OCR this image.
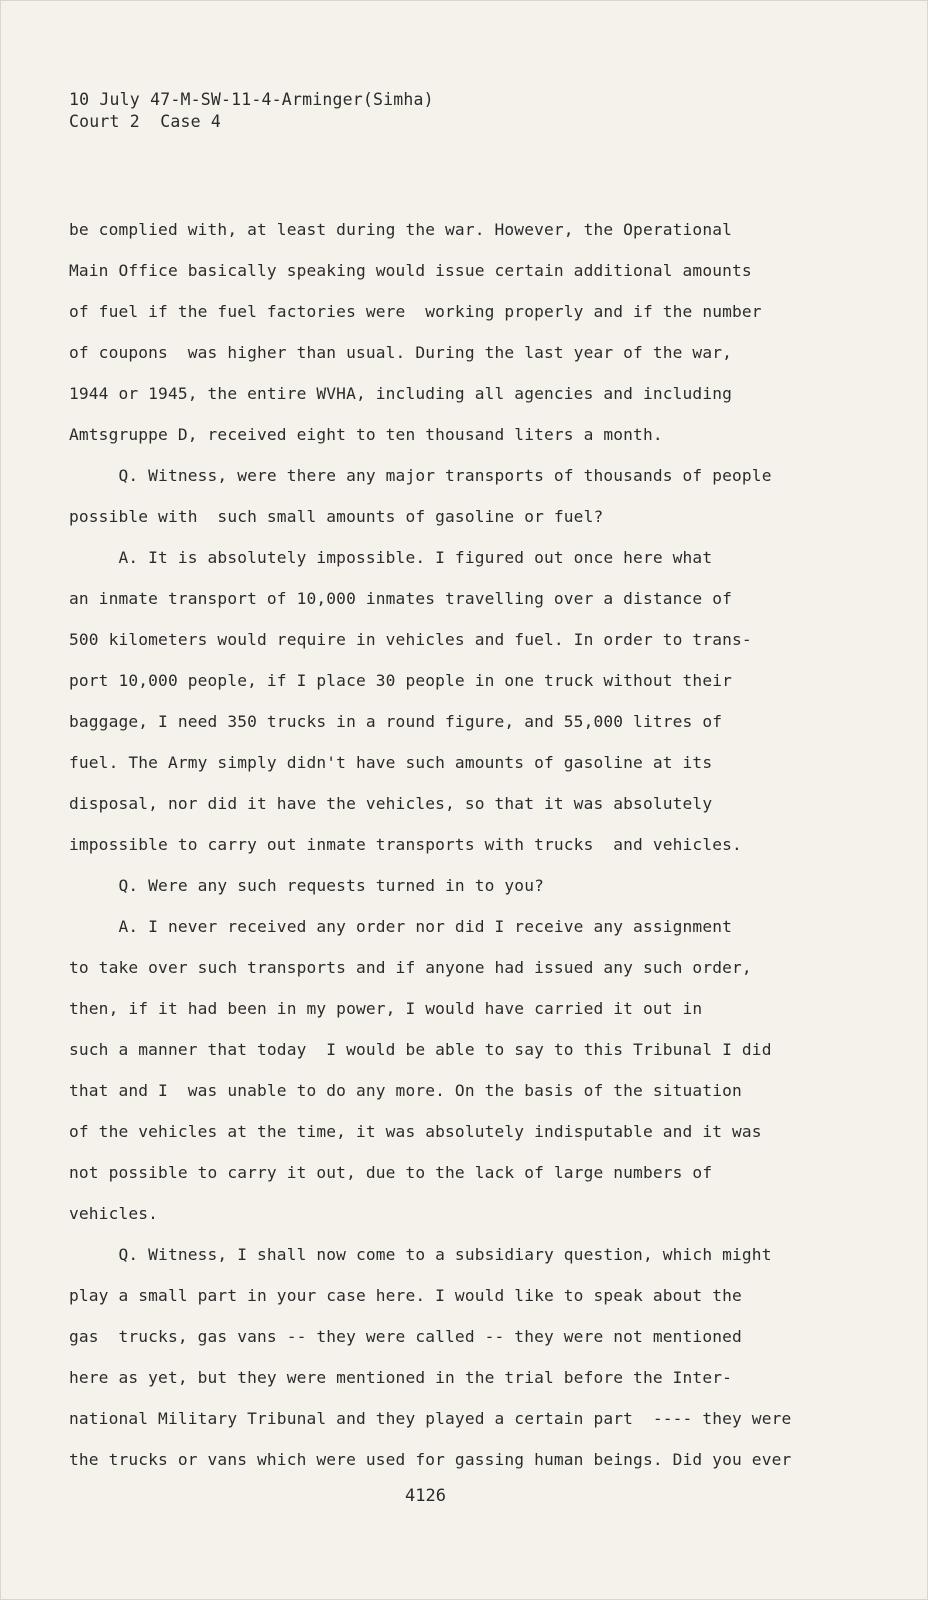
10 July 47-M-SW-11-4-Arminger(Simha)
Court 2  Case 4
be complied with, at least during the war. However, the Operational
Main Office basically speaking would issue certain additional amounts
of fuel if the fuel factories were  working properly and if the number
of coupons  was higher than usual. During the last year of the war,
1944 or 1945, the entire WVHA, including all agencies and including
Amtsgruppe D, received eight to ten thousand liters a month.
Q. Witness, were there any major transports of thousands of people
possible with  such small amounts of gasoline or fuel?
A. It is absolutely impossible. I figured out once here what
an inmate transport of 10,000 inmates travelling over a distance of
500 kilometers would require in vehicles and fuel. In order to trans-
port 10,000 people, if I place 30 people in one truck without their
baggage, I need 350 trucks in a round figure, and 55,000 litres of
fuel. The Army simply didn't have such amounts of gasoline at its
disposal, nor did it have the vehicles, so that it was absolutely
impossible to carry out inmate transports with trucks  and vehicles.
Q. Were any such requests turned in to you?
A. I never received any order nor did I receive any assignment
to take over such transports and if anyone had issued any such order,
then, if it had been in my power, I would have carried it out in
such a manner that today  I would be able to say to this Tribunal I did
that and I  was unable to do any more. On the basis of the situation
of the vehicles at the time, it was absolutely indisputable and it was
not possible to carry it out, due to the lack of large numbers of
vehicles.
Q. Witness, I shall now come to a subsidiary question, which might
play a small part in your case here. I would like to speak about the
gas  trucks, gas vans -- they were called -- they were not mentioned
here as yet, but they were mentioned in the trial before the Inter-
national Military Tribunal and they played a certain part  ---- they were
the trucks or vans which were used for gassing human beings. Did you ever
4126
